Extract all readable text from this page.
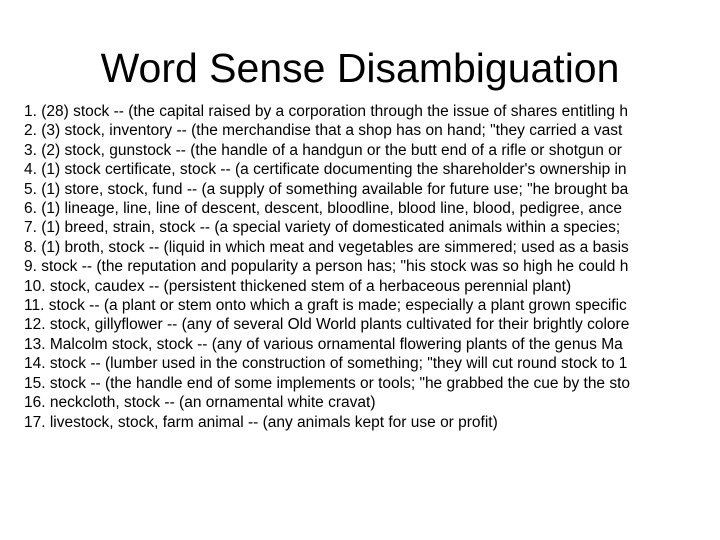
Word Sense Disambiguation
1. (28) stock -- (the capital raised by a corporation through the issue of shares entitling h
2. (3) stock, inventory -- (the merchandise that a shop has on hand; "they carried a vast
3. (2) stock, gunstock -- (the handle of a handgun or the butt end of a rifle or shotgun or
4. (1) stock certificate, stock -- (a certificate documenting the shareholder's ownership in
5. (1) store, stock, fund -- (a supply of something available for future use; "he brought ba
6. (1) lineage, line, line of descent, descent, bloodline, blood line, blood, pedigree, ance
7. (1) breed, strain, stock -- (a special variety of domesticated animals within a species;
8. (1) broth, stock -- (liquid in which meat and vegetables are simmered; used as a basis
9. stock -- (the reputation and popularity a person has; "his stock was so high he could h
10. stock, caudex -- (persistent thickened stem of a herbaceous perennial plant)
11. stock -- (a plant or stem onto which a graft is made; especially a plant grown specific
12. stock, gillyflower -- (any of several Old World plants cultivated for their brightly colore
13. Malcolm stock, stock -- (any of various ornamental flowering plants of the genus Ma
14. stock -- (lumber used in the construction of something; "they will cut round stock to 1
15. stock -- (the handle end of some implements or tools; "he grabbed the cue by the sto
16. neckcloth, stock -- (an ornamental white cravat)
17. livestock, stock, farm animal -- (any animals kept for use or profit)
